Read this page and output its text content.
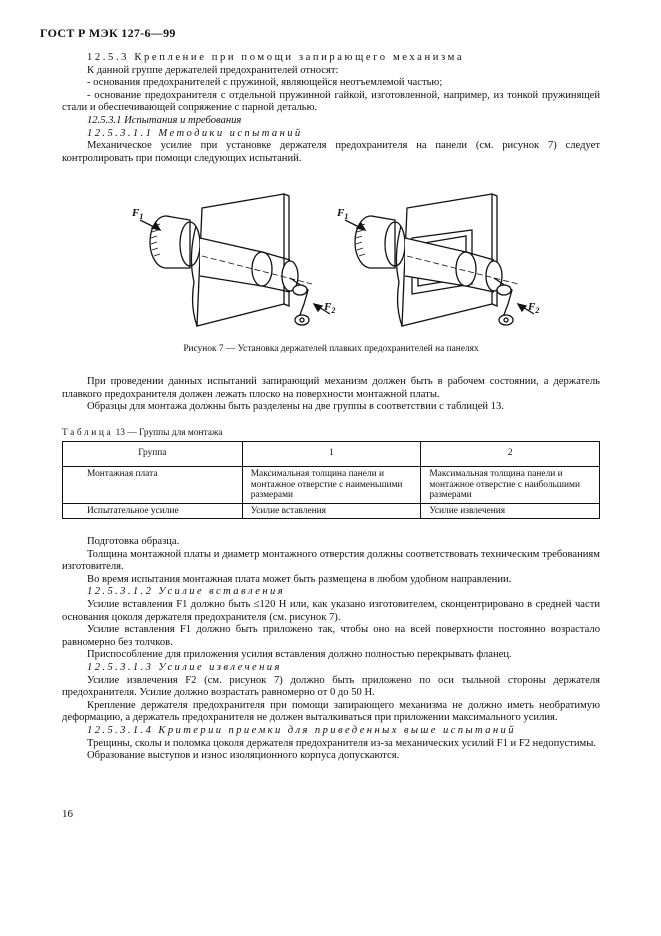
ГОСТ Р МЭК 127-6—99

12.5.3 Крепление при помощи запирающего механизма

К данной группе держателей предохранителей относят:

- основания предохранителей с пружиной, являющейся неотъемлемой частью;

- основание предохранителя с отдельной пружинной гайкой, изготовленной, например, из тонкой пружинящей стали и обеспечивающей сопряжение с парной деталью.

12.5.3.1 Испытания и требования

12.5.3.1.1 Методики испытаний

Механическое усилие при установке держателя предохранителя на панели (см. рисунок 7) следует контролировать при помощи следующих испытаний.

$F_1$
$F_2$
$F_1$
$F_2$
Рисунок 7 — Установка держателей плавких предохранителей на панелях

При проведении данных испытаний запирающий механизм должен быть в рабочем состоянии, а держатель плавкого предохранителя должен лежать плоско на поверхности монтажной платы.

Образцы для монтажа должны быть разделены на две группы в соответствии с таблицей 13.

Таблица 13 — Группы для монтажа
Группа	1	2
Монтажная плата	Максимальная толщина панели и монтажное отверстие с наименьшими размерами	Максимальная толщина панели и монтажное отверстие с наибольшими размерами
Испытательное усилие	Усилие вставления	Усилие извлечения

Подготовка образца.

Толщина монтажной платы и диаметр монтажного отверстия должны соответствовать техническим требованиям изготовителя.

Во время испытания монтажная плата может быть размещена в любом удобном направлении.

12.5.3.1.2 Усилие вставления

Усилие вставления F1 должно быть ≤120 Н или, как указано изготовителем, сконцентрировано в средней части основания цоколя держателя предохранителя (см. рисунок 7).

Усилие вставления F1 должно быть приложено так, чтобы оно на всей поверхности постоянно возрастало равномерно без толчков.

Приспособление для приложения усилия вставления должно полностью перекрывать фланец.

12.5.3.1.3 Усилие извлечения

Усилие извлечения F2 (см. рисунок 7) должно быть приложено по оси тыльной стороны держателя предохранителя. Усилие должно возрастать равномерно от 0 до 50 Н.

Крепление держателя предохранителя при помощи запирающего механизма не должно иметь необратимую деформацию, а держатель предохранителя не должен выталкиваться при приложении максимального усилия.

12.5.3.1.4 Критерии приемки для приведенных выше испытаний

Трещины, сколы и поломка цоколя держателя предохранителя из-за механических усилий F1 и F2 недопустимы.

Образование выступов и износ изоляционного корпуса допускаются.

16
